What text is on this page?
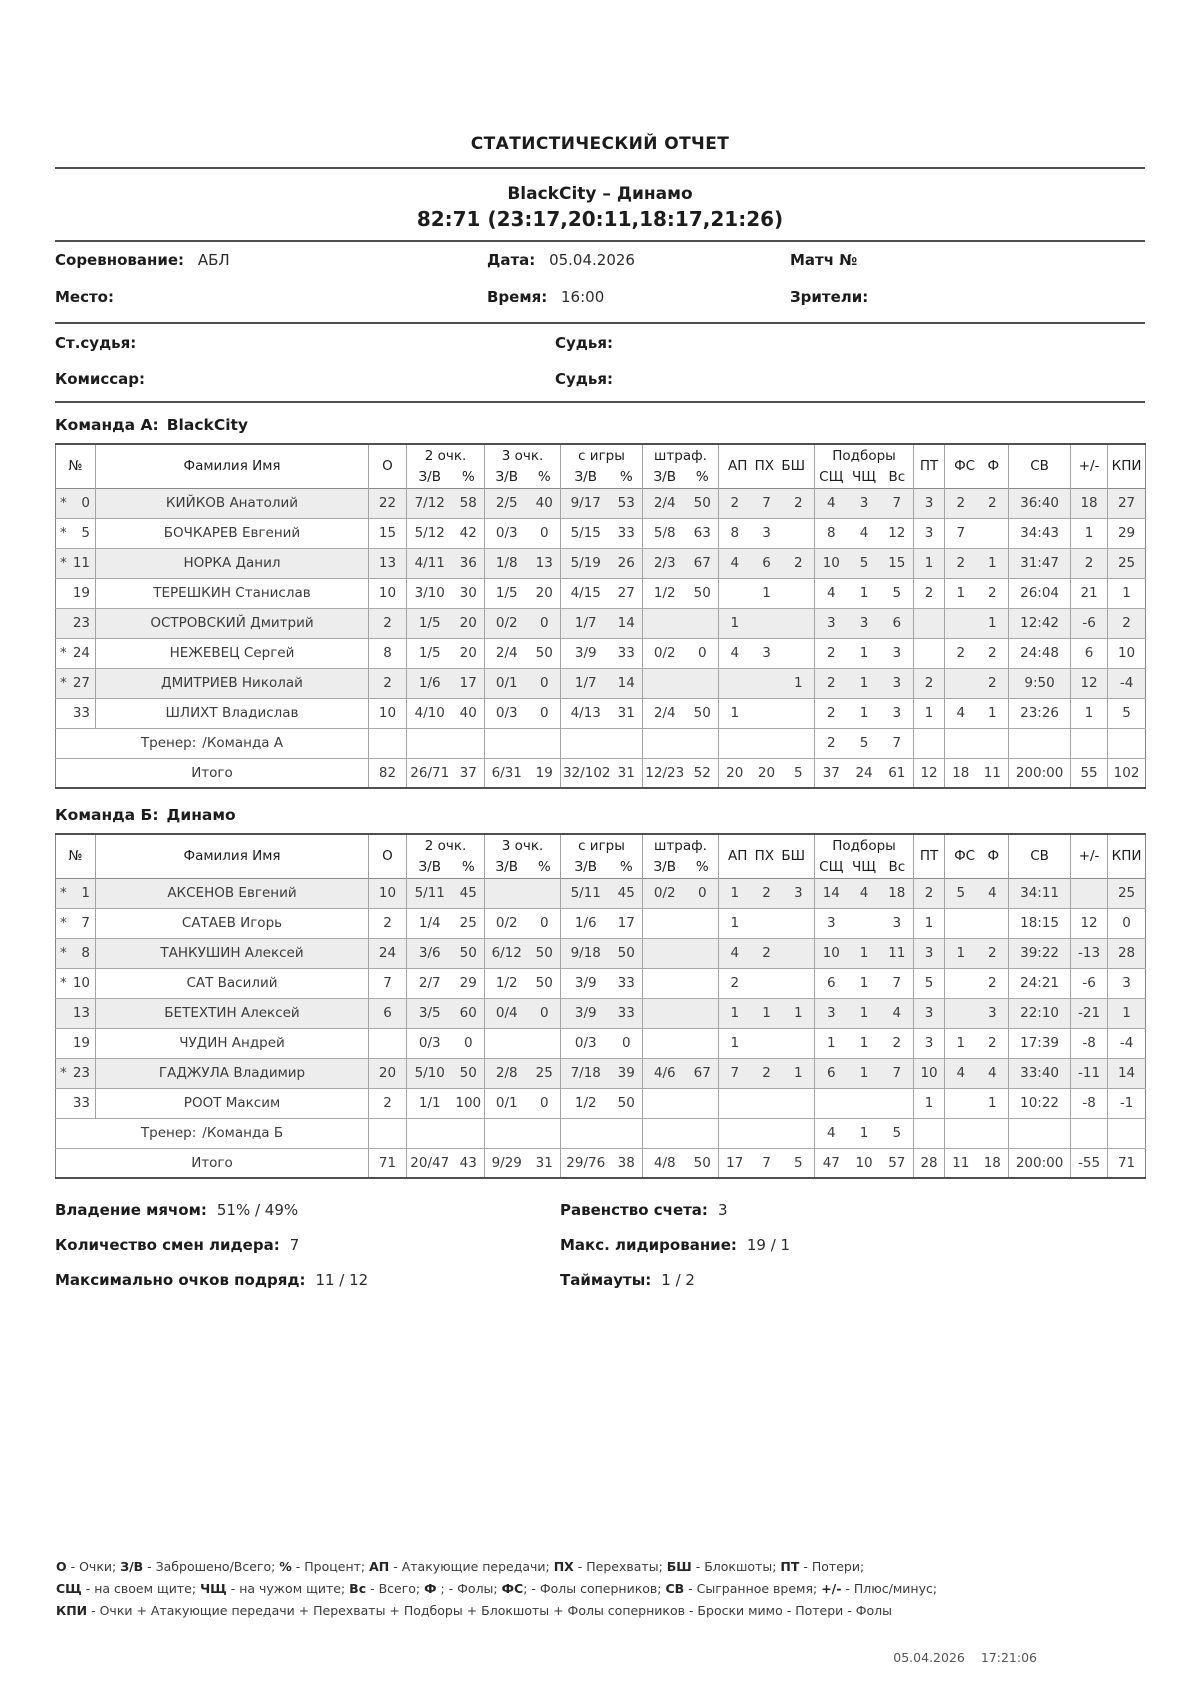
СТАТИСТИЧЕСКИЙ ОТЧЕТ
BlackCity – Динамо
82:71 (23:17,20:11,18:17,21:26)
Соревнование: АБЛ	Дата: 05.04.2026	Матч №
Место:	Время: 16:00	Зрители:
Ст.судья:	Судья:
Комиссар:	Судья:
Команда А: BlackCity
№	Фамилия Имя	О	2 очк.		3 очк.		с игры		штраф.		АП ПХ БШ			Подборы			ПТ	ФС Ф		СВ	+/-	КПИ
			З/В	%	З/В	%	З/В	%	З/В	%				СЩ	ЧЩ	Вс						

* 0	КИЙКОВ Анатолий	22	7/12	58	2/5	40	9/17	53	2/4	50	2	7	2	4	3	7	3	2	2	36:40	18	27

* 5	БОЧКАРЕВ Евгений	15	5/12	42	0/3	0	5/15	33	5/8	63	8	3		8	4	12	3	7		34:43	1	29

* 11	НОРКА Данил	13	4/11	36	1/8	13	5/19	26	2/3	67	4	6	2	10	5	15	1	2	1	31:47	2	25

19	ТЕРЕШКИН Станислав	10	3/10	30	1/5	20	4/15	27	1/2	50		1		4	1	5	2	1	2	26:04	21	1

23	ОСТРОВСКИЙ Дмитрий	2	1/5	20	0/2	0	1/7	14			1			3	3	6			1	12:42	-6	2

* 24	НЕЖЕВЕЦ Сергей	8	1/5	20	2/4	50	3/9	33	0/2	0	4	3		2	1	3		2	2	24:48	6	10

* 27	ДМИТРИЕВ Николай	2	1/6	17	0/1	0	1/7	14					1	2	1	3	2		2	9:50	12	-4

33	ШЛИХТ Владислав	10	4/10	40	0/3	0	4/13	31	2/4	50	1			2	1	3	1	4	1	23:26	1	5
Тренер: /Команда А														2	5	7						
Итого		82	26/71	37	6/31	19	32/102	31	12/23	52	20	20	5	37	24	61	12	18	11	200:00	55	102
Команда Б: Динамо
№	Фамилия Имя	О	2 очк.		3 очк.		с игры		штраф.		АП ПХ БШ			Подборы			ПТ	ФС Ф		СВ	+/-	КПИ
			З/В	%	З/В	%	З/В	%	З/В	%				СЩ	ЧЩ	Вс						

* 1	АКСЕНОВ Евгений	10	5/11	45			5/11	45	0/2	0	1	2	3	14	4	18	2	5	4	34:11		25

* 7	САТАЕВ Игорь	2	1/4	25	0/2	0	1/6	17			1			3		3	1			18:15	12	0

* 8	ТАНКУШИН Алексей	24	3/6	50	6/12	50	9/18	50			4	2		10	1	11	3	1	2	39:22	-13	28

* 10	САТ Василий	7	2/7	29	1/2	50	3/9	33			2			6	1	7	5		2	24:21	-6	3

13	БЕТЕХТИН Алексей	6	3/5	60	0/4	0	3/9	33			1	1	1	3	1	4	3		3	22:10	-21	1

19	ЧУДИН Андрей		0/3	0			0/3	0			1			1	1	2	3	1	2	17:39	-8	-4

* 23	ГАДЖУЛА Владимир	20	5/10	50	2/8	25	7/18	39	4/6	67	7	2	1	6	1	7	10	4	4	33:40	-11	14

33	РООТ Максим	2	1/1	100	0/1	0	1/2	50									1		1	10:22	-8	-1
Тренер: /Команда Б														4	1	5						
Итого		71	20/47	43	9/29	31	29/76	38	4/8	50	17	7	5	47	10	57	28	11	18	200:00	-55	71
Владение мячом: 51% / 49%
Количество смен лидера: 7
Максимально очков подряд: 11 / 12
Равенство счета: 3
Макс. лидирование: 19 / 1
Таймауты: 1 / 2
О - Очки; З/В - Заброшено/Всего; % - Процент; АП - Атакующие передачи; ПХ - Перехваты; БШ - Блокшоты; ПТ - Потери;
СЩ - на своем щите; ЧЩ - на чужом щите; Вс - Всего; Ф ; - Фолы; ФС; - Фолы соперников; СВ - Сыгранное время; +/- - Плюс/минус;
КПИ - Очки + Атакующие передачи + Перехваты + Подборы + Блокшоты + Фолы соперников - Броски мимо - Потери - Фолы
05.04.2026 17:21:06
